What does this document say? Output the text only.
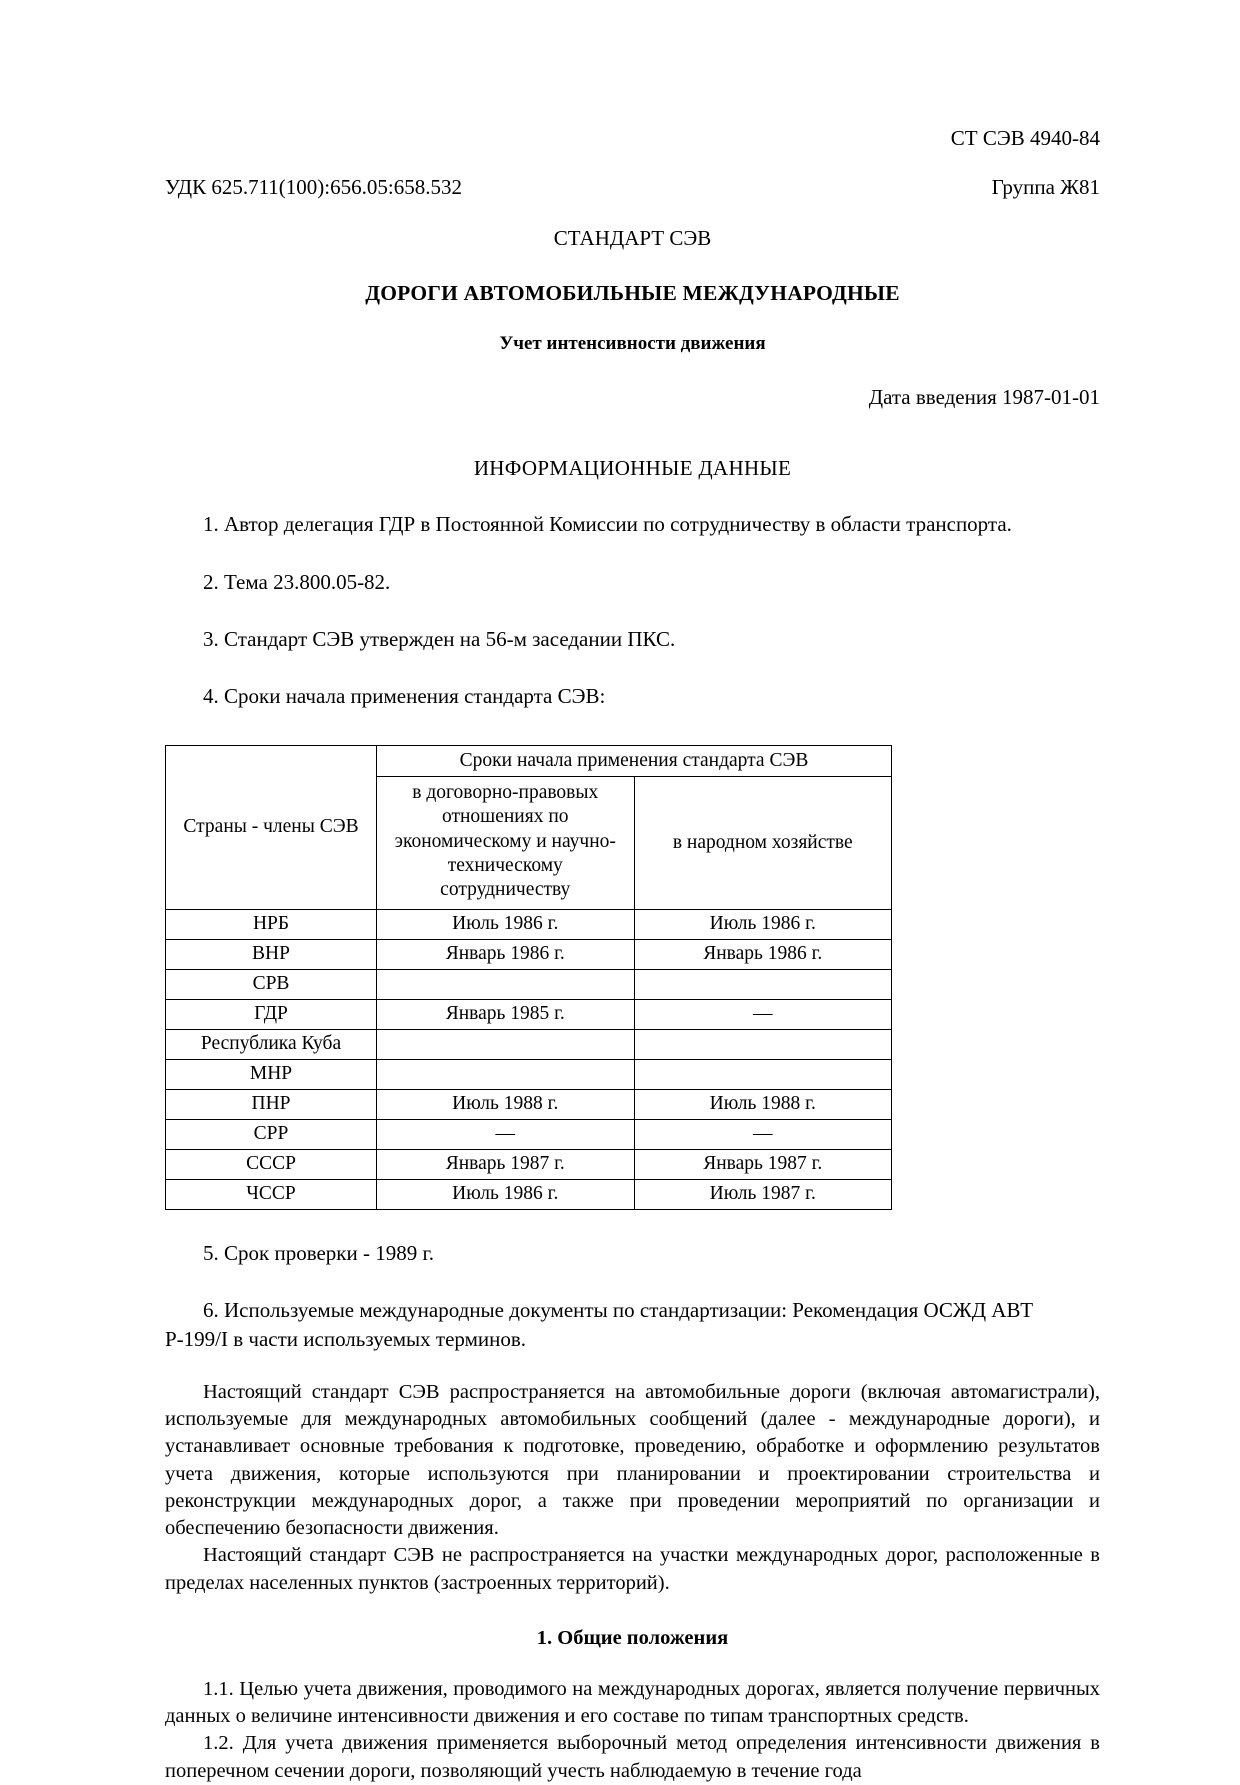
СТ СЭВ 4940-84
УДК 625.711(100):656.05:658.532	Группа Ж81
СТАНДАРТ СЭВ
ДОРОГИ АВТОМОБИЛЬНЫЕ МЕЖДУНАРОДНЫЕ
Учет интенсивности движения
Дата введения 1987-01-01
ИНФОРМАЦИОННЫЕ ДАННЫЕ
1. Автор делегация ГДР в Постоянной Комиссии по сотрудничеству в области транспорта.
2. Тема 23.800.05-82.
3. Стандарт СЭВ утвержден на 56-м заседании ПКС.
4. Сроки начала применения стандарта СЭВ:
Страны - члены СЭВ	Сроки начала применения стандарта СЭВ	
	в договорно-правовых отношениях по экономическому и научно-техническому сотрудничеству	в народном хозяйстве
НРБ	Июль 1986 г.	Июль 1986 г.
ВНР	Январь 1986 г.	Январь 1986 г.
СРВ		
ГДР	Январь 1985 г.	—
Республика Куба		
МНР		
ПНР	Июль 1988 г.	Июль 1988 г.
СРР	—	—
СССР	Январь 1987 г.	Январь 1987 г.
ЧССР	Июль 1986 г.	Июль 1987 г.
5. Срок проверки - 1989 г.
6. Используемые международные документы по стандартизации: Рекомендация ОСЖД АВТ Р-199/I в части используемых терминов.
Настоящий стандарт СЭВ распространяется на автомобильные дороги (включая автомагистрали), используемые для международных автомобильных сообщений (далее - международные дороги), и устанавливает основные требования к подготовке, проведению, обработке и оформлению результатов учета движения, которые используются при планировании и проектировании строительства и реконструкции международных дорог, а также при проведении мероприятий по организации и обеспечению безопасности движения.
Настоящий стандарт СЭВ не распространяется на участки международных дорог, расположенные в пределах населенных пунктов (застроенных территорий).
1. Общие положения
1.1. Целью учета движения, проводимого на международных дорогах, является получение первичных данных о величине интенсивности движения и его составе по типам транспортных средств.
1.2. Для учета движения применяется выборочный метод определения интенсивности движения в поперечном сечении дороги, позволяющий учесть наблюдаемую в течение года
